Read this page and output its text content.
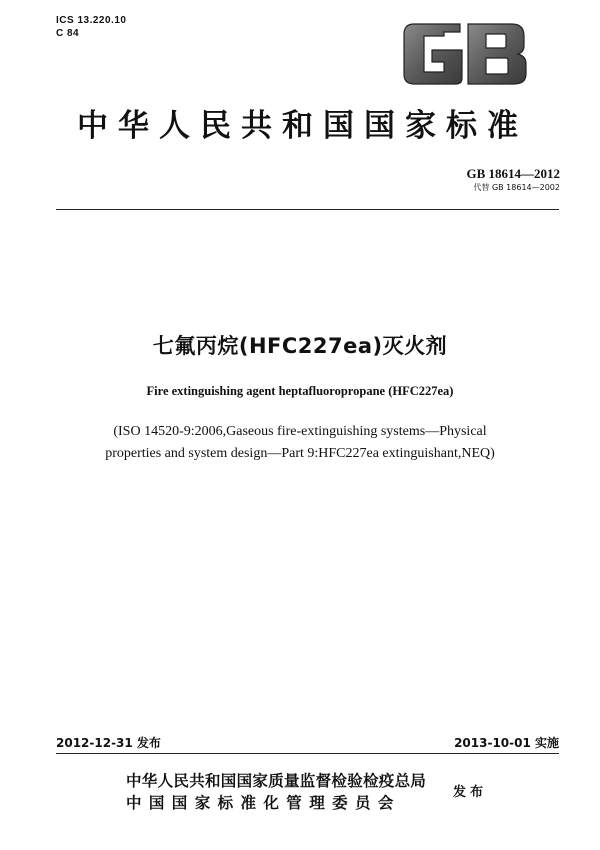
ICS 13.220.10
C 84
中华人民共和国国家标准
GB 18614—2012
代替 GB 18614—2002
七氟丙烷(HFC227ea)灭火剂
Fire extinguishing agent heptafluoropropane (HFC227ea)
(ISO 14520-9:2006,Gaseous fire-extinguishing systems—Physical
properties and system design—Part 9:HFC227ea extinguishant,NEQ)
2012-12-31 发布	2013-10-01 实施
中华人民共和国国家质量监督检验检疫总局
中国国家标准化管理委员会
发布
